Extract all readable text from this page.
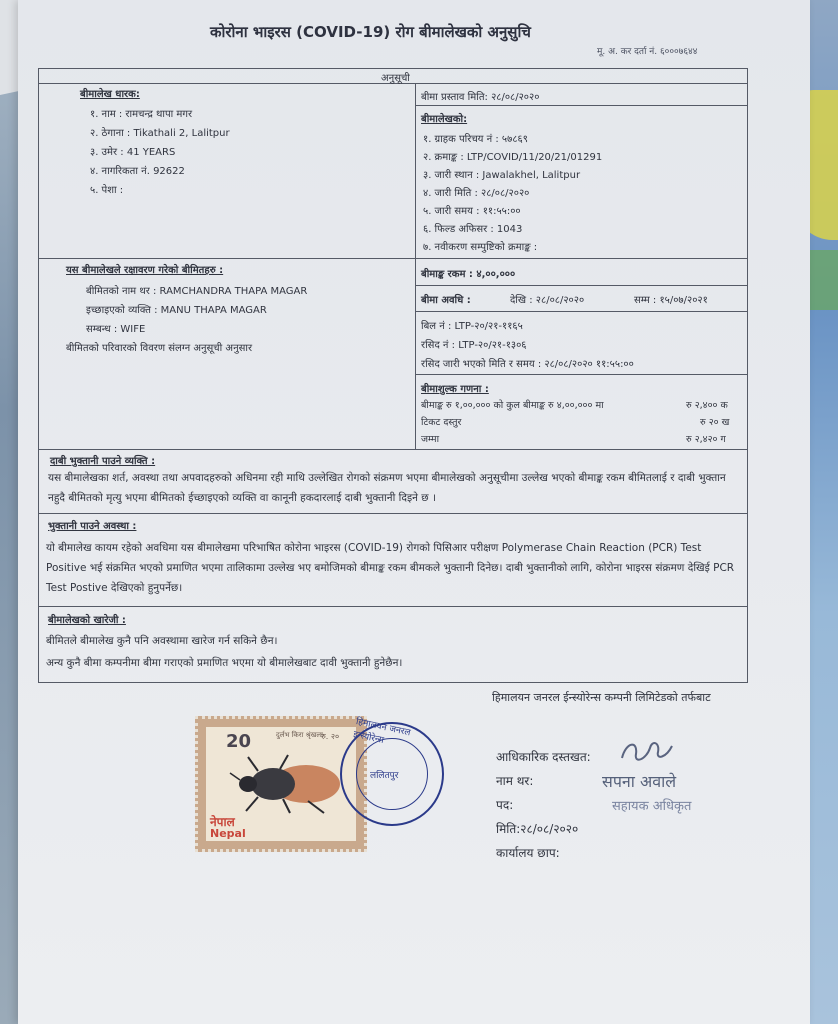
कोरोना भाइरस (COVID-19) रोग बीमालेखको अनुसुचि
मू. अ. कर दर्ता नं. ६०००७६४४
अनुसूची
बीमालेख धारक:
१. नाम : रामचन्द्र थापा मगर
२. ठेगाना : Tikathali 2, Lalitpur
३. उमेर : 41 YEARS
४. नागरिकता नं. 92622
५. पेशा :
बीमा प्रस्ताव मिति: २८/०८/२०२०
बीमालेखको:
१. ग्राहक परिचय नं : ५७८६९
२. क्रमाङ्क : LTP/COVID/11/20/21/01291
३. जारी स्थान : Jawalakhel, Lalitpur
४. जारी मिति : २८/०८/२०२०
५. जारी समय : ११:५५:००
६. फिल्ड अफिसर : 1043
७. नवीकरण सम्पुष्टिको क्रमाङ्क :
यस बीमालेखले रक्षावरण गरेको बीमितहरु :
बीमितको नाम थर : RAMCHANDRA THAPA MAGAR
इच्छाइएको व्यक्ति : MANU THAPA MAGAR
सम्बन्ध : WIFE
बीमितको परिवारको विवरण संलग्न अनुसूची अनुसार
बीमाङ्क रकम : ४,००,०००
बीमा अवधि :	देखि : २८/०८/२०२०	सम्म : १५/०७/२०२१
बिल नं : LTP-२०/२१-११६५
रसिद नं : LTP-२०/२१-१३०६
रसिद जारी भएको मिति र समय : २८/०८/२०२० ११:५५:००
बीमाशुल्क गणना :
बीमाङ्क रु १,००,००० को कुल बीमाङ्क रु ४,००,००० मा	रु २,४०० क
टिकट दस्तुर	रु २० ख
जम्मा	रु २,४२० ग
दाबी भुक्तानी पाउने व्यक्ति :
यस बीमालेखका शर्त, अवस्था तथा अपवादहरुको अधिनमा रही माथि उल्लेखित रोगको संक्रमण भएमा बीमालेखको अनुसूचीमा उल्लेख भएको बीमाङ्क रकम बीमितलाई र दाबी भुक्तान नहुदै बीमितको मृत्यु भएमा बीमितको ईच्छाइएको व्यक्ति वा कानूनी हकदारलाई दाबी भुक्तानी दिइने छ ।
भुक्तानी पाउने अवस्था :
यो बीमालेख कायम रहेको अवधिमा यस बीमालेखमा परिभाषित कोरोना भाइरस (COVID-19) रोगको पिसिआर परीक्षण Polymerase Chain Reaction (PCR) Test Positive भई संक्रमित भएको प्रमाणित भएमा तालिकामा उल्लेख भए बमोजिमको बीमाङ्क रकम बीमकले भुक्तानी दिनेछ। दाबी भुक्तानीको लागि, कोरोना भाइरस संक्रमण देखिई PCR Test Postive देखिएको हुनुपर्नेछ।
बीमालेखको खारेजी :
बीमितले बीमालेख कुनै पनि अवस्थामा खारेज गर्न सकिने छैन।
अन्य कुनै बीमा कम्पनीमा बीमा गराएको प्रमाणित भएमा यो बीमालेखबाट दावी भुक्तानी हुनेछैन।
हिमालयन जनरल ईन्स्योरेन्स कम्पनी लिमिटेडको तर्फबाट
20	दुर्लभ किरा श्रृंखला
रु. २०
नेपाल
Nepal
हिमालयन जनरल इन्स्योरेन्स
ललितपुर
आधिकारिक दस्तखत:
नाम थर:	सपना अवाले
पद:	सहायक अधिकृत
मिति:२८/०८/२०२०
कार्यालय छाप:
